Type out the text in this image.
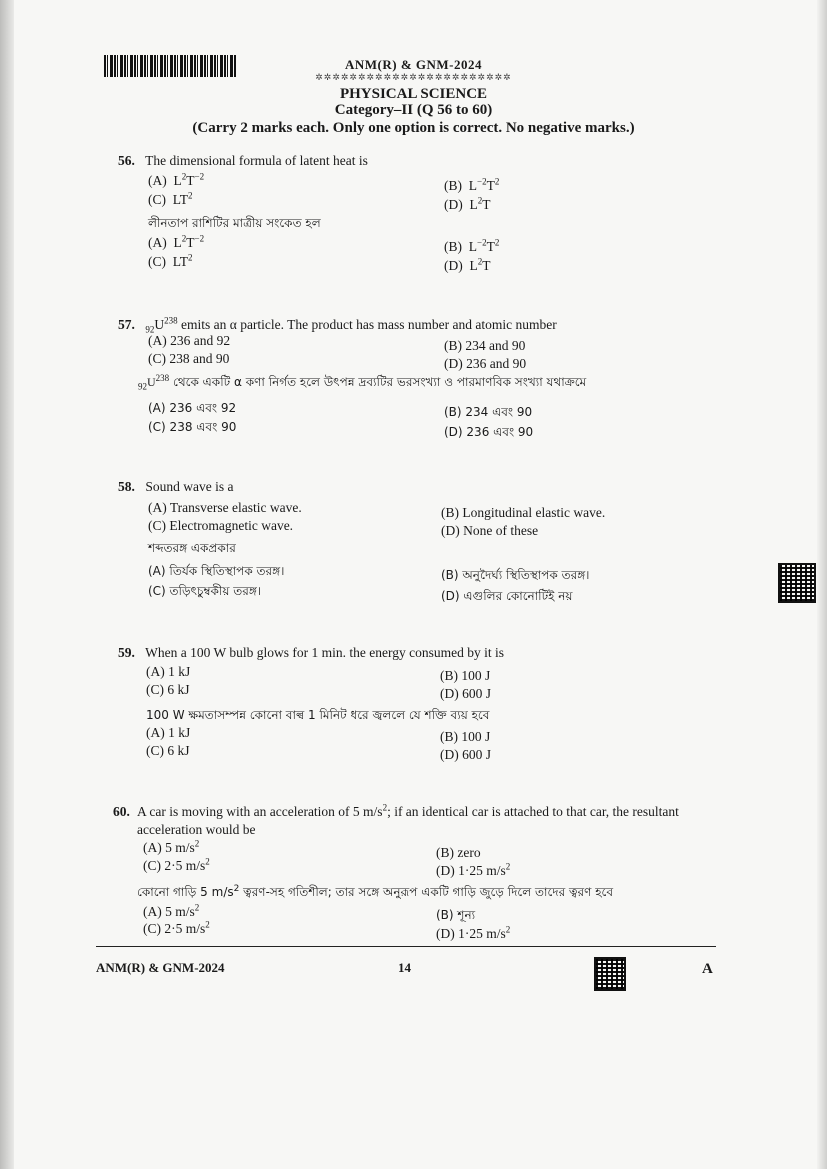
ANM(R) & GNM-2024
✲✲✲✲✲✲✲✲✲✲✲✲✲✲✲✲✲✲✲✲✲✲✲
PHYSICAL SCIENCE
Category–II (Q 56 to 60)
(Carry 2 marks each. Only one option is correct. No negative marks.)
56. The dimensional formula of latent heat is
(A) $L^2T^{-2}$
(B) $L^{-2}T^2$
(C) $LT^2$
(D) $L^2T$
লীনতাপ রাশিটির মাত্রীয় সংকেত হল
(A) $L^2T^{-2}$
(B) $L^{-2}T^2$
(C) $LT^2$
(D) $L^2T$
57. $_{92}U^{238}$ emits an α particle. The product has mass number and atomic number
(A) 236 and 92	(B) 234 and 90
(C) 238 and 90	(D) 236 and 90
$_{92}U^{238}$ থেকে একটি α কণা নির্গত হলে উৎপন্ন দ্রব্যটির ভরসংখ্যা ও পারমাণবিক সংখ্যা যথাক্রমে
(A) 236 এবং 92	(B) 234 এবং 90
(C) 238 এবং 90	(D) 236 এবং 90
58. Sound wave is a
(A) Transverse elastic wave.	(B) Longitudinal elastic wave.
(C) Electromagnetic wave.	(D) None of these
শব্দতরঙ্গ একপ্রকার
(A) তির্যক স্থিতিস্থাপক তরঙ্গ।	(B) অনুদৈর্ঘ্য স্থিতিস্থাপক তরঙ্গ।
(C) তড়িৎচুম্বকীয় তরঙ্গ।	(D) এগুলির কোনোটিই নয়
59. When a 100 W bulb glows for 1 min. the energy consumed by it is
(A) 1 kJ	(B) 100 J
(C) 6 kJ	(D) 600 J
100 W ক্ষমতাসম্পন্ন কোনো বাল্ব 1 মিনিট ধরে জ্বললে যে শক্তি ব্যয় হবে
(A) 1 kJ	(B) 100 J
(C) 6 kJ	(D) 600 J
60. A car is moving with an acceleration of 5 $m/s^2$; if an identical car is attached to that car, the resultant
acceleration would be
(A) 5 $m/s^2$
(B) zero
(C) 2·5 $m/s^2$
(D) 1·25 $m/s^2$
কোনো গাড়ি 5 $m/s^2$ ত্বরণ-সহ গতিশীল; তার সঙ্গে অনুরূপ একটি গাড়ি জুড়ে দিলে তাদের ত্বরণ হবে
(A) 5 $m/s^2$
(B) শূন্য
(C) 2·5 $m/s^2$
(D) 1·25 $m/s^2$
ANM(R) & GNM-2024	14	A
